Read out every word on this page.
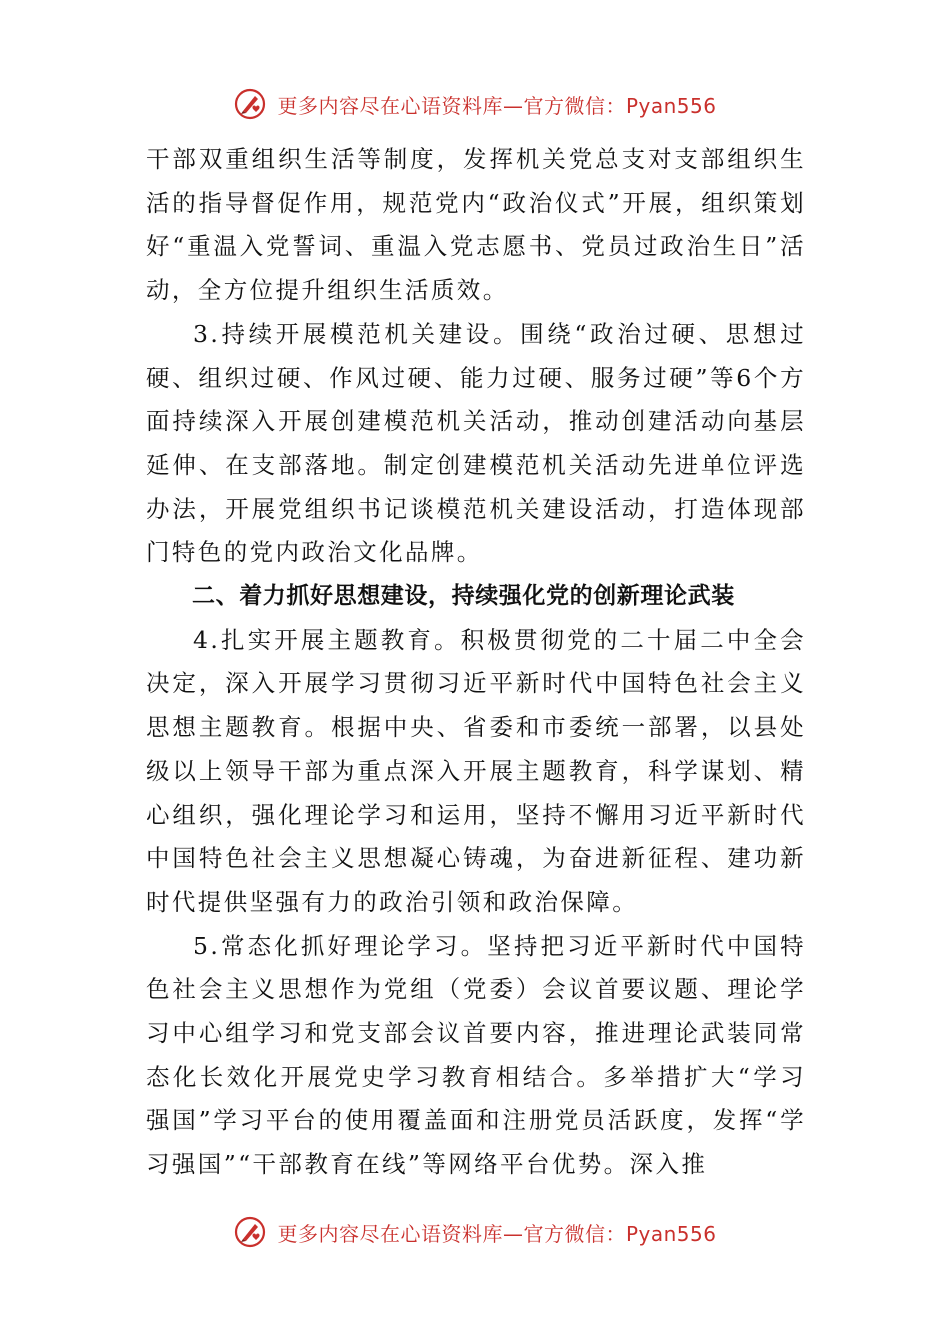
更多内容尽在心语资料库—官方微信：Pyan556

干部双重组织生活等制度，发挥机关党总支对支部组织生活的指导督促作用，规范党内“政治仪式”开展，组织策划好“重温入党誓词、重温入党志愿书、党员过政治生日”活动，全方位提升组织生活质效。

3.持续开展模范机关建设。围绕“政治过硬、思想过硬、组织过硬、作风过硬、能力过硬、服务过硬”等6个方面持续深入开展创建模范机关活动，推动创建活动向基层延伸、在支部落地。制定创建模范机关活动先进单位评选办法，开展党组织书记谈模范机关建设活动，打造体现部门特色的党内政治文化品牌。

二、着力抓好思想建设，持续强化党的创新理论武装

4.扎实开展主题教育。积极贯彻党的二十届二中全会决定，深入开展学习贯彻习近平新时代中国特色社会主义思想主题教育。根据中央、省委和市委统一部署，以县处级以上领导干部为重点深入开展主题教育，科学谋划、精心组织，强化理论学习和运用，坚持不懈用习近平新时代中国特色社会主义思想凝心铸魂，为奋进新征程、建功新时代提供坚强有力的政治引领和政治保障。

5.常态化抓好理论学习。坚持把习近平新时代中国特色社会主义思想作为党组（党委）会议首要议题、理论学习中心组学习和党支部会议首要内容，推进理论武装同常态化长效化开展党史学习教育相结合。多举措扩大“学习强国”学习平台的使用覆盖面和注册党员活跃度，发挥“学习强国”“干部教育在线”等网络平台优势。深入推

更多内容尽在心语资料库—官方微信：Pyan556
